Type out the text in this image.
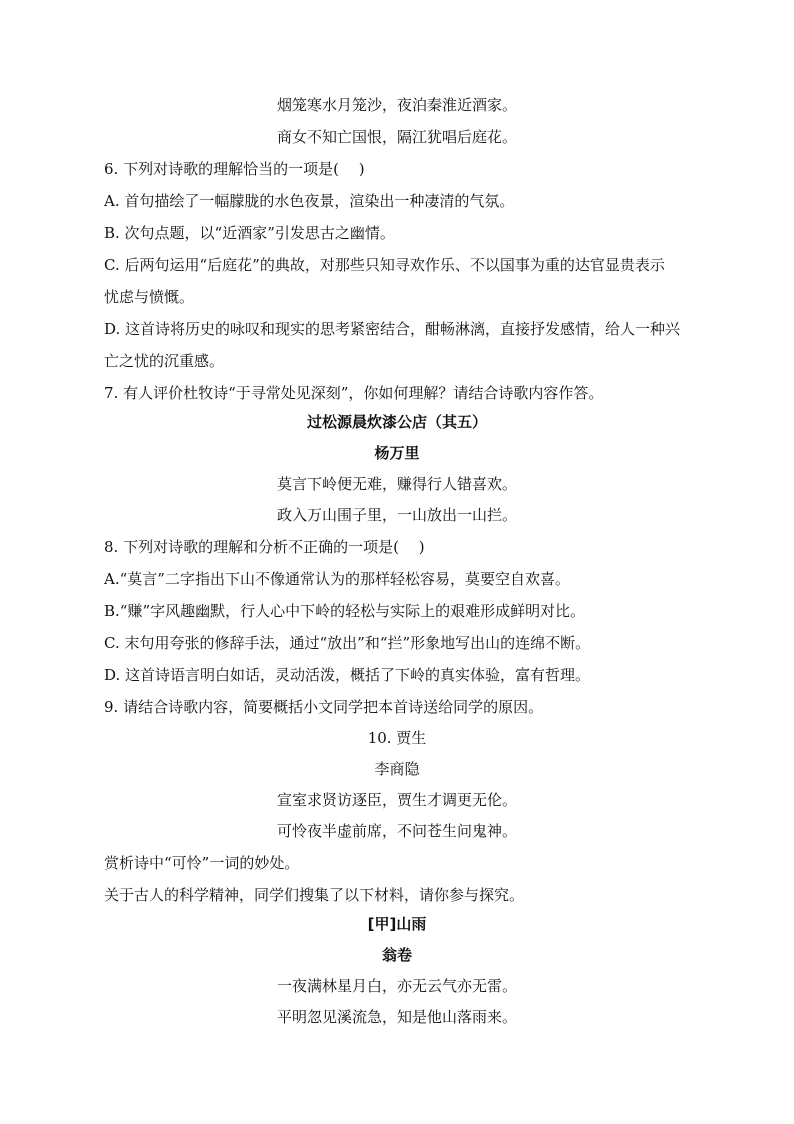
烟笼寒水月笼沙，夜泊秦淮近酒家。
商女不知亡国恨，隔江犹唱后庭花。
6. 下列对诗歌的理解恰当的一项是(　 )
A. 首句描绘了一幅朦胧的水色夜景，渲染出一种凄清的气氛。
B. 次句点题，以“近酒家”引发思古之幽情。
C. 后两句运用“后庭花”的典故，对那些只知寻欢作乐、不以国事为重的达官显贵表示
忧虑与愤慨。
D. 这首诗将历史的咏叹和现实的思考紧密结合，酣畅淋漓，直接抒发感情，给人一种兴
亡之忧的沉重感。
7. 有人评价杜牧诗“于寻常处见深刻”，你如何理解？请结合诗歌内容作答。
过松源晨炊漆公店（其五）
杨万里
莫言下岭便无难，赚得行人错喜欢。
政入万山围子里，一山放出一山拦。
8. 下列对诗歌的理解和分析不正确的一项是(　 )
A.“莫言”二字指出下山不像通常认为的那样轻松容易，莫要空自欢喜。
B.“赚”字风趣幽默，行人心中下岭的轻松与实际上的艰难形成鲜明对比。
C. 末句用夸张的修辞手法，通过“放出”和“拦”形象地写出山的连绵不断。
D. 这首诗语言明白如话，灵动活泼，概括了下岭的真实体验，富有哲理。
9. 请结合诗歌内容，简要概括小文同学把本首诗送给同学的原因。
10. 贾生
李商隐
宣室求贤访逐臣，贾生才调更无伦。
可怜夜半虚前席，不问苍生问鬼神。
赏析诗中“可怜”一词的妙处。
关于古人的科学精神，同学们搜集了以下材料，请你参与探究。
[甲]山雨
翁卷
一夜满林星月白，亦无云气亦无雷。
平明忽见溪流急，知是他山落雨来。
